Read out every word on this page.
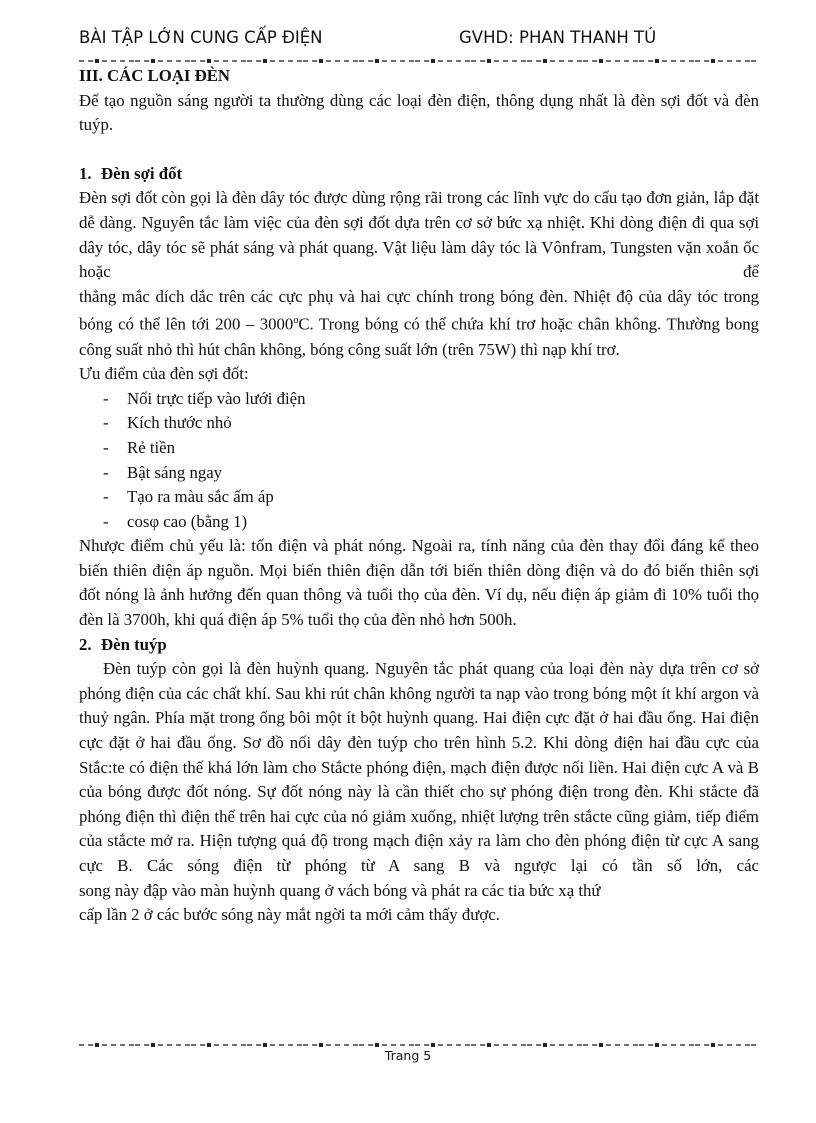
BÀI TẬP LỚN CUNG CẤP ĐIỆN	GVHD: PHAN THANH TÚ

III. CÁC LOẠI ĐÈN

Để tạo nguồn sáng người ta thường dùng các loại đèn điện, thông dụng nhất là đèn sợi đốt và đèn tuýp.

1. Đèn sợi đốt

Đèn sợi đốt còn gọi là đèn dây tóc được dùng rộng rãi trong các lĩnh vực do cấu tạo đơn giản, lắp đặt dễ dàng. Nguyên tắc làm việc của đèn sợi đốt dựa trên cơ sở bức xạ nhiệt. Khi dòng điện đi qua sợi dây tóc, dây tóc sẽ phát sáng và phát quang. Vật liệu làm dây tóc là Vônfram, Tungsten vặn xoắn ốc hoặc để

thẳng mắc dích dắc trên các cực phụ và hai cực chính trong bóng đèn. Nhiệt độ của dây tóc trong bóng có thể lên tới 200 – 3000$^o$C. Trong bóng có thể chứa khí trơ hoặc chân không. Thường bong công suất nhỏ thì hút chân không, bóng công suất lớn (trên 75W) thì nạp khí trơ.

Ưu điểm của đèn sợi đốt:

- Nối trực tiếp vào lưới điện
- Kích thước nhỏ
- Rẻ tiền
- Bật sáng ngay
- Tạo ra màu sắc ấm áp
- cosφ cao (bằng 1)

Nhược điểm chủ yếu là: tốn điện và phát nóng. Ngoài ra, tính năng của đèn thay đổi đáng kể theo biến thiên điện áp nguồn. Mọi biến thiên điện dẫn tới biến thiên dòng điện và do đó biến thiên sợi đốt nóng là ảnh hưởng đến quan thông và tuổi thọ của đèn. Ví dụ, nếu điện áp giảm đi 10% tuổi thọ đèn là 3700h, khi quá điện áp 5% tuổi thọ của đèn nhỏ hơn 500h.

2. Đèn tuýp

Đèn tuýp còn gọi là đèn huỳnh quang. Nguyên tắc phát quang của loại đèn này dựa trên cơ sở phóng điện của các chất khí. Sau khi rút chân không người ta nạp vào trong bóng một ít khí argon và thuỷ ngân. Phía mặt trong ống bôi một ít bột huỳnh quang. Hai điện cực đặt ở hai đầu ống. Hai điện cực đặt ở hai đầu ống. Sơ đồ nối dây đèn tuýp cho trên hình 5.2. Khi dòng điện hai đầu cực của Stắc:te có điện thế khá lớn làm cho Stắcte phóng điện, mạch điện được nối liền. Hai điện cực A và B của bóng được đốt nóng. Sự đốt nóng này là cần thiết cho sự phóng điện trong đèn. Khi stắcte đã phóng điện thì điện thế trên hai cực của nó giảm xuống, nhiệt lượng trên stắcte cũng giảm, tiếp điểm của stắcte mở ra. Hiện tượng quá độ trong mạch điện xảy ra làm cho đèn phóng điện từ cực A sang cực B. Các sóng điện từ phóng từ A sang B và ngược lại có tần số lớn, các

song này đập vào màn huỳnh quang ở vách bóng và phát ra các tia bức xạ thứ

cấp lần 2 ở các bước sóng này mắt ngời ta mới cảm thấy được.

Trang 5
